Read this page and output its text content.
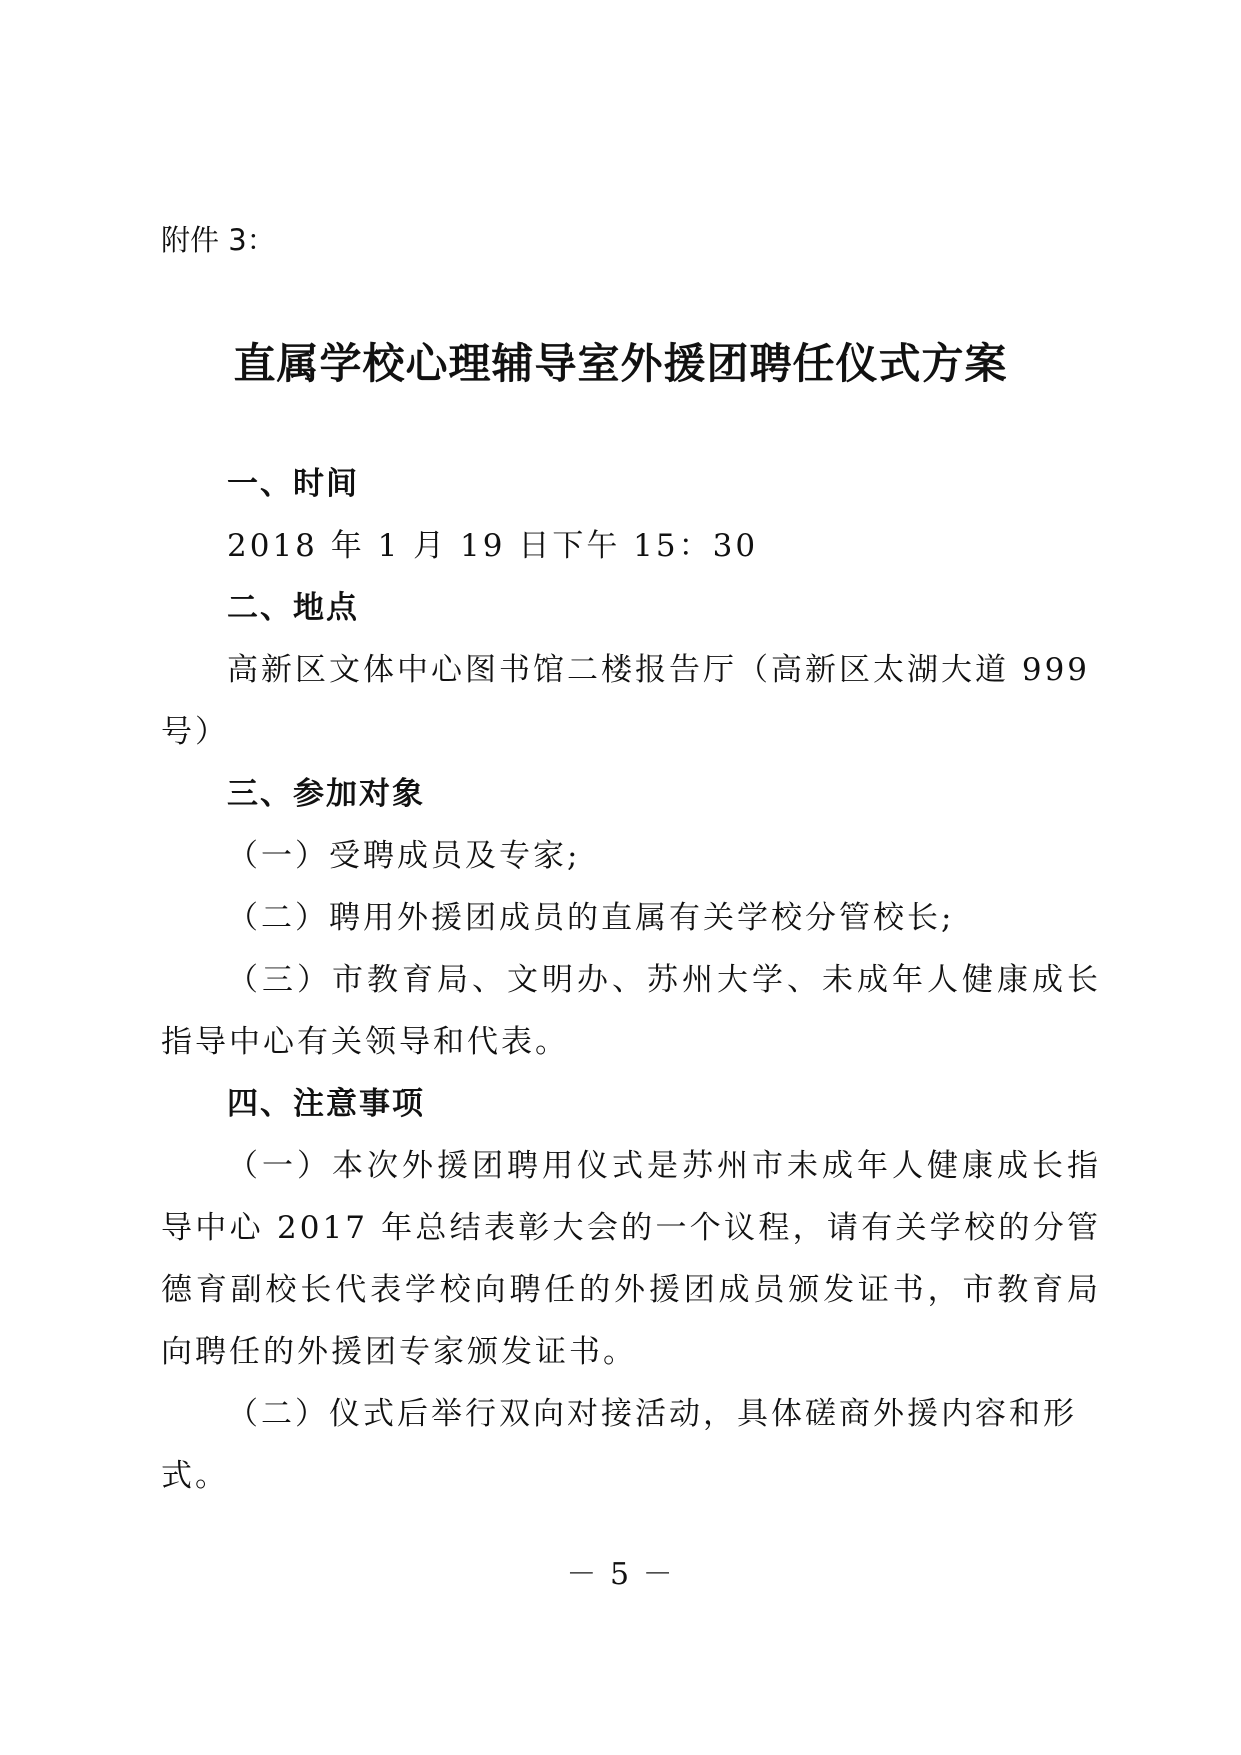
附件 3：

直属学校心理辅导室外援团聘任仪式方案
一、时间

2018 年 1 月 19 日下午 15：30

二、地点

高新区文体中心图书馆二楼报告厅（高新区太湖大道 999 号）

三、参加对象

（一）受聘成员及专家;

（二）聘用外援团成员的直属有关学校分管校长;

（三）市教育局、文明办、苏州大学、未成年人健康成长指导中心有关领导和代表。

四、注意事项

（一）本次外援团聘用仪式是苏州市未成年人健康成长指导中心 2017 年总结表彰大会的一个议程，请有关学校的分管德育副校长代表学校向聘任的外援团成员颁发证书，市教育局向聘任的外援团专家颁发证书。

（二）仪式后举行双向对接活动，具体磋商外援内容和形式。

－ 5 －
